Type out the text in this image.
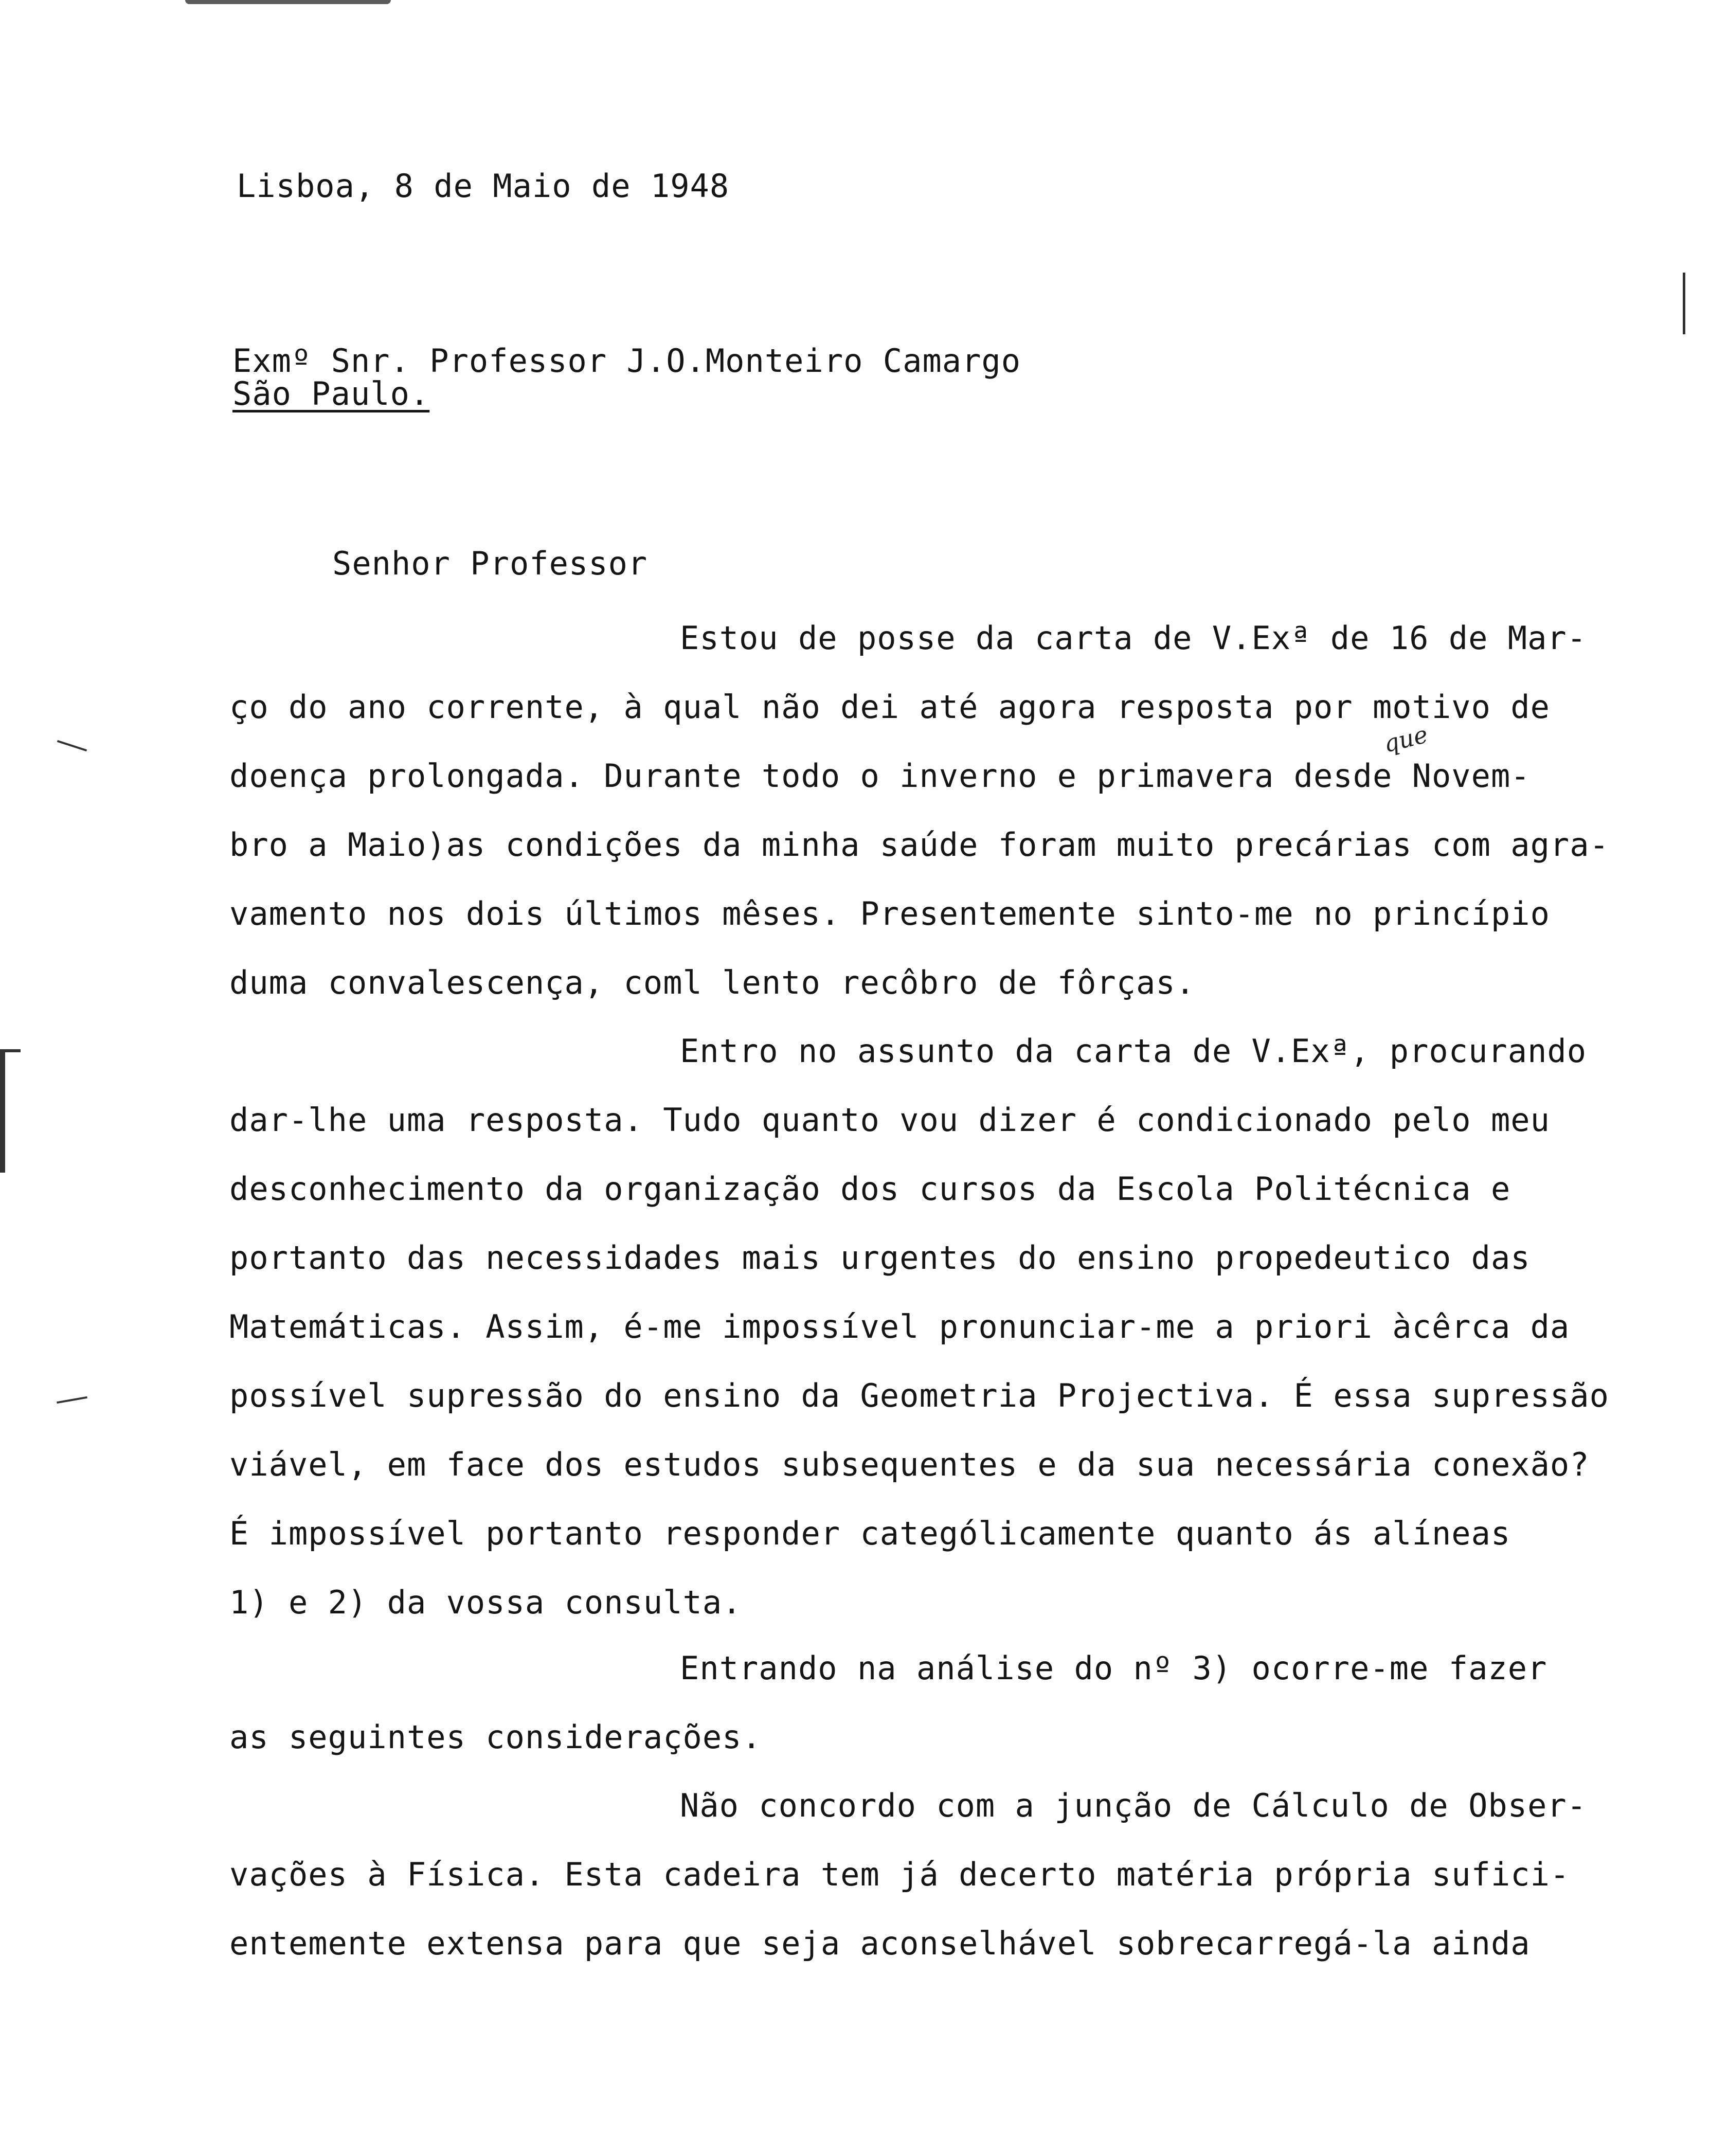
Lisboa, 8 de Maio de 1948
Exmº Snr. Professor J.O.Monteiro Camargo
São Paulo.
Senhor Professor
Estou de posse da carta de V.Exª de 16 de Mar-
ço do ano corrente, à qual não dei até agora resposta por motivo de
doença prolongada. Durante todo o inverno e primavera desde Novem-
bro a Maio)as condições da minha saúde foram muito precárias com agra-
vamento nos dois últimos mêses. Presentemente sinto-me no princípio
duma convalescença, coml lento recôbro de fôrças.
que
Entro no assunto da carta de V.Exª, procurando
dar-lhe uma resposta. Tudo quanto vou dizer é condicionado pelo meu
desconhecimento da organização dos cursos da Escola Politécnica e
portanto das necessidades mais urgentes do ensino propedeutico das
Matemáticas. Assim, é-me impossível pronunciar-me a priori àcêrca da
possível supressão do ensino da Geometria Projectiva. É essa supressão
viável, em face dos estudos subsequentes e da sua necessária conexão?
É impossível portanto responder catególicamente quanto ás alíneas
1) e 2) da vossa consulta.
Entrando na análise do nº 3) ocorre-me fazer
as seguintes considerações.
Não concordo com a junção de Cálculo de Obser-
vações à Física. Esta cadeira tem já decerto matéria própria sufici-
entemente extensa para que seja aconselhável sobrecarregá-la ainda
